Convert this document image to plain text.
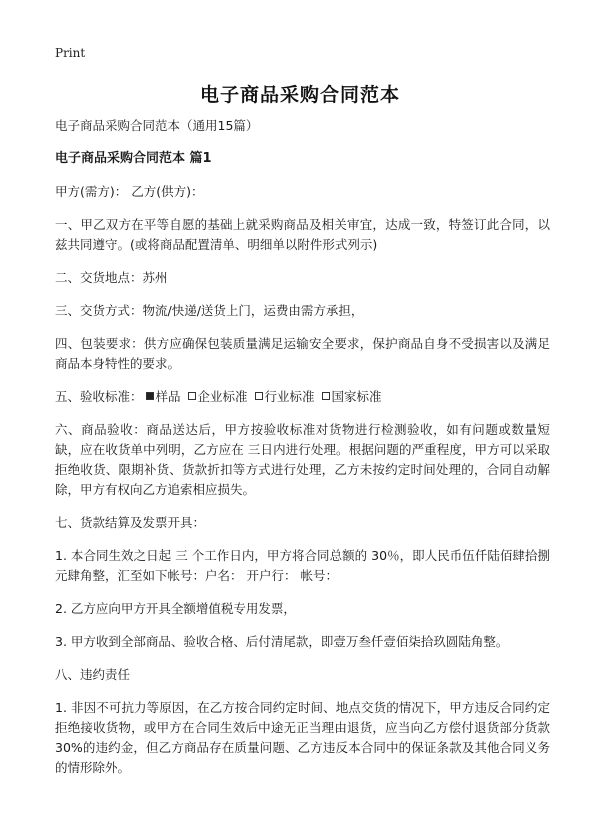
Print
电子商品采购合同范本

电子商品采购合同范本（通用15篇）

电子商品采购合同范本 篇1

甲方(需方)： 乙方(供方)：

一、甲乙双方在平等自愿的基础上就采购商品及相关审宜，达成一致，特签订此合同，以兹共同遵守。(或将商品配置清单、明细单以附件形式列示)

二、交货地点：苏州

三、交货方式：物流/快递/送货上门，运费由需方承担，

四、包装要求：供方应确保包装质量满足运输安全要求，保护商品自身不受损害以及满足商品本身特性的要求。

五、验收标准： 样品 企业标准 行业标准 国家标准

六、商品验收：商品送达后，甲方按验收标准对货物进行检测验收，如有问题或数量短缺，应在收货单中列明，乙方应在 三日内进行处理。根据问题的严重程度，甲方可以采取拒绝收货、限期补货、货款折扣等方式进行处理，乙方未按约定时间处理的，合同自动解除，甲方有权向乙方追索相应损失。

七、货款结算及发票开具：

1. 本合同生效之日起 三 个工作日内，甲方将合同总额的 30％，即人民币伍仟陆佰肆拾捌元肆角整，汇至如下帐号：户名： 开户行： 帐号：

2. 乙方应向甲方开具全额增值税专用发票，

3. 甲方收到全部商品、验收合格、后付清尾款，即壹万叁仟壹佰柒拾玖圆陆角整。

八、违约责任

1. 非因不可抗力等原因，在乙方按合同约定时间、地点交货的情况下，甲方违反合同约定拒绝接收货物，或甲方在合同生效后中途无正当理由退货，应当向乙方偿付退货部分货款 30%的违约金，但乙方商品存在质量问题、乙方违反本合同中的保证条款及其他合同义务的情形除外。
